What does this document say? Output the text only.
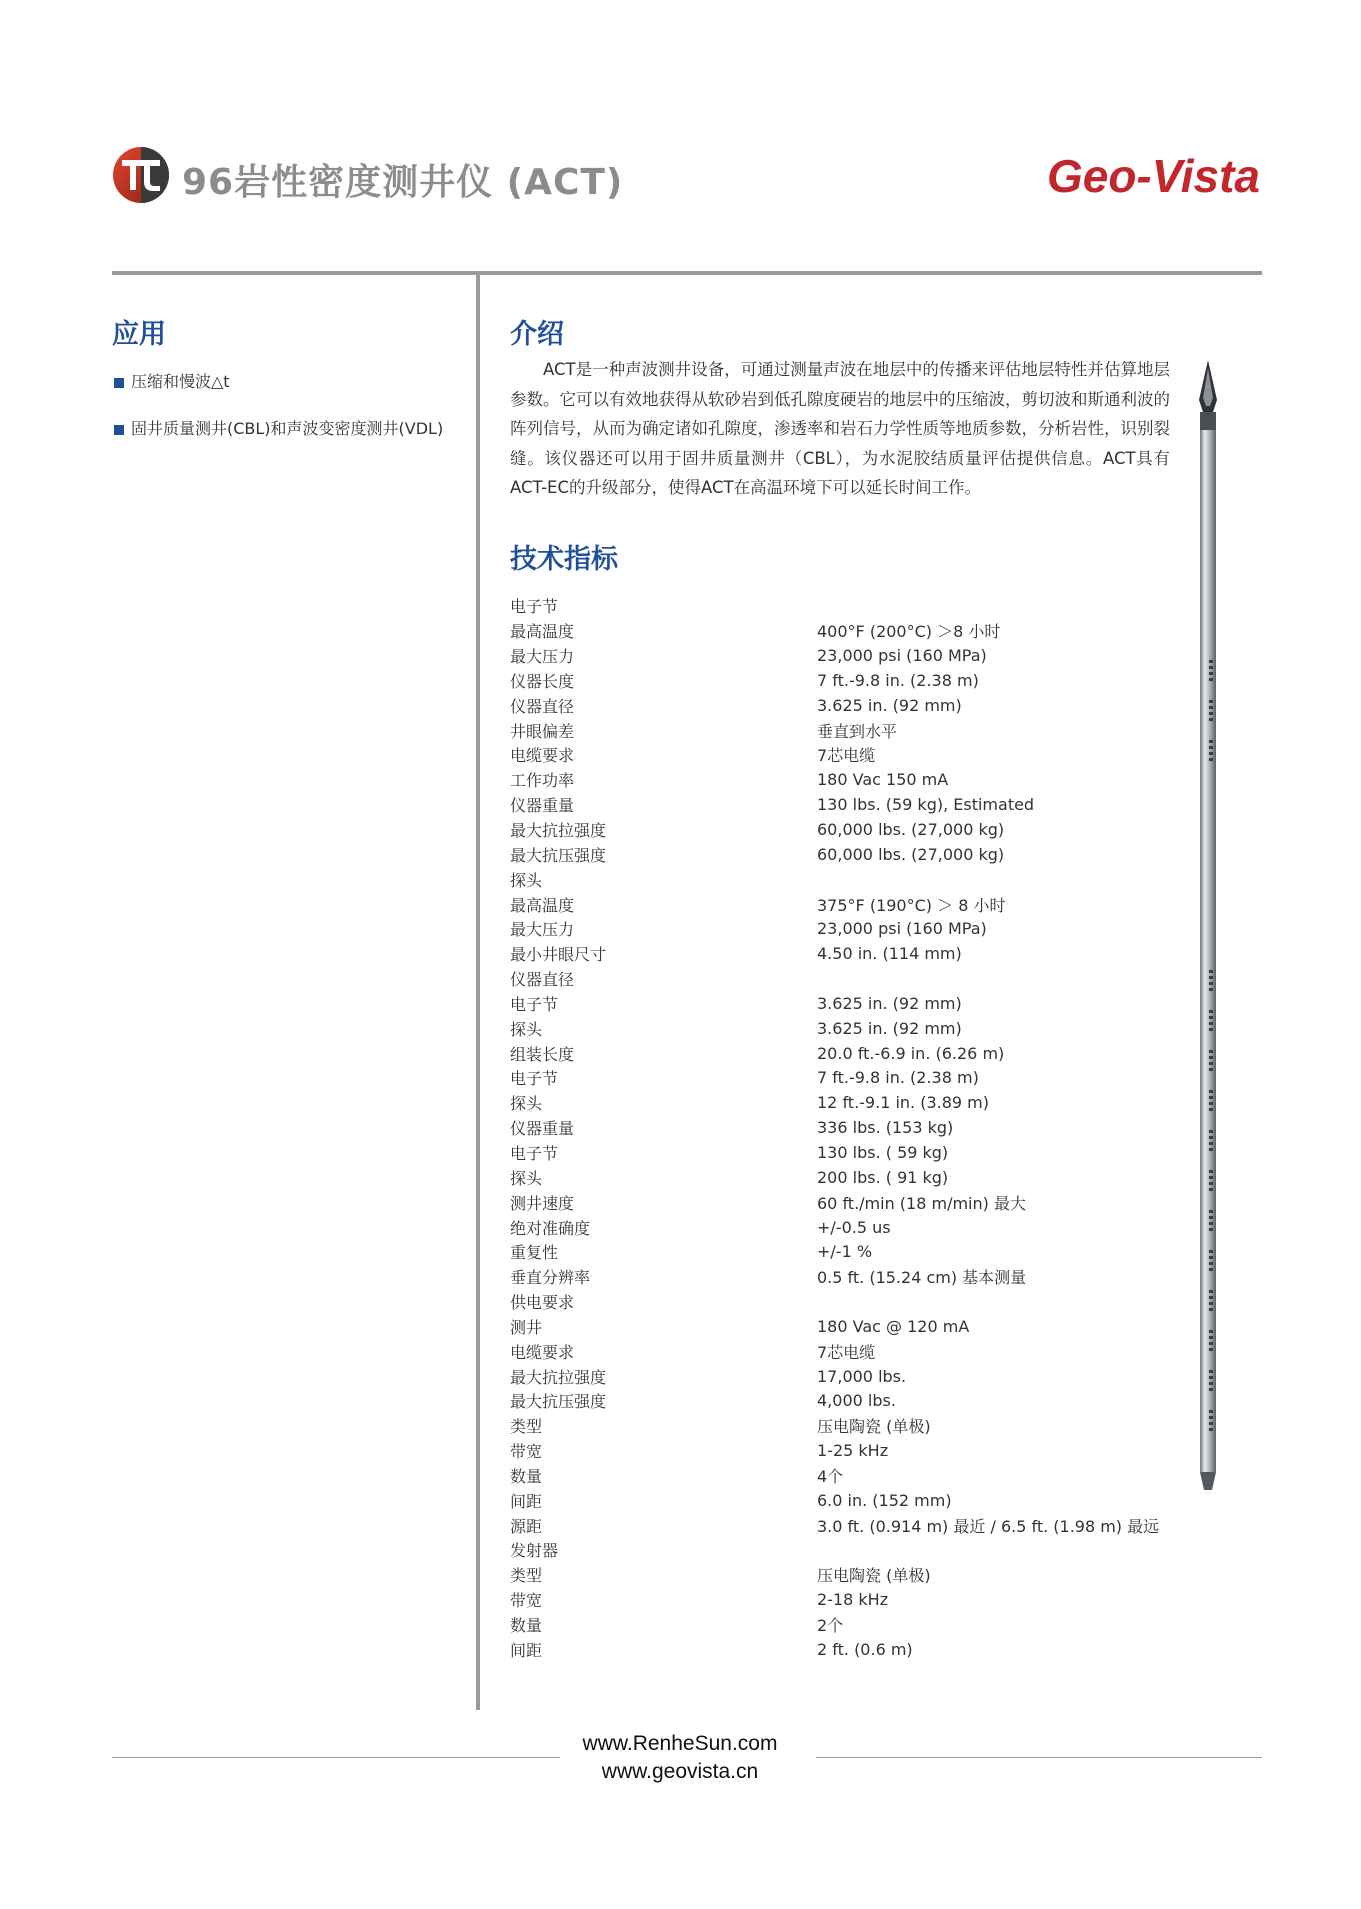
96岩性密度测井仪 (ACT)	Geo-Vista
应用
压缩和慢波△t
固井质量测井(CBL)和声波变密度测井(VDL)
介绍

ACT是一种声波测井设备，可通过测量声波在地层中的传播来评估地层特性并估算地层参数。它可以有效地获得从软砂岩到低孔隙度硬岩的地层中的压缩波，剪切波和斯通利波的阵列信号，从而为确定诸如孔隙度，渗透率和岩石力学性质等地质参数，分析岩性，识别裂缝。该仪器还可以用于固井质量测井（CBL），为水泥胶结质量评估提供信息。ACT具有ACT-EC的升级部分，使得ACT在高温环境下可以延长时间工作。

技术指标
电子节	
最高温度	400°F (200°C) ＞8 小时
最大压力	23,000 psi (160 MPa)
仪器长度	7 ft.-9.8 in. (2.38 m)
仪器直径	3.625 in. (92 mm)
井眼偏差	垂直到水平
电缆要求	7芯电缆
工作功率	180 Vac 150 mA
仪器重量	130 lbs. (59 kg), Estimated
最大抗拉强度	60,000 lbs. (27,000 kg)
最大抗压强度	60,000 lbs. (27,000 kg)
探头	
最高温度	375°F (190°C) ＞ 8 小时
最大压力	23,000 psi (160 MPa)
最小井眼尺寸	4.50 in. (114 mm)
仪器直径	
电子节	3.625 in. (92 mm)
探头	3.625 in. (92 mm)
组装长度	20.0 ft.-6.9 in. (6.26 m)
电子节	7 ft.-9.8 in. (2.38 m)
探头	12 ft.-9.1 in. (3.89 m)
仪器重量	336 lbs. (153 kg)
电子节	130 lbs. ( 59 kg)
探头	200 lbs. ( 91 kg)
测井速度	60 ft./min (18 m/min) 最大
绝对准确度	+/-0.5 us
重复性	+/-1 %
垂直分辨率	0.5 ft. (15.24 cm) 基本测量
供电要求	
测井	180 Vac @ 120 mA
电缆要求	7芯电缆
最大抗拉强度	17,000 lbs.
最大抗压强度	4,000 lbs.
类型	压电陶瓷 (单极)
带宽	1-25 kHz
数量	4个
间距	6.0 in. (152 mm)
源距	3.0 ft. (0.914 m) 最近 / 6.5 ft. (1.98 m) 最远
发射器	
类型	压电陶瓷 (单极)
带宽	2-18 kHz
数量	2个
间距	2 ft. (0.6 m)
www.RenheSun.com
www.geovista.cn
